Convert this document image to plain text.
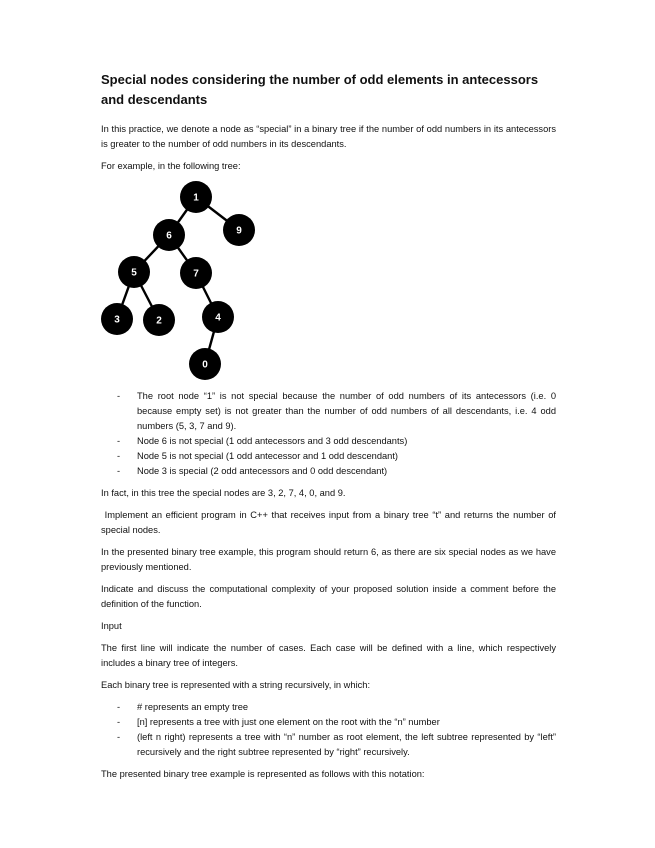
Special nodes considering the number of odd elements in antecessors and descendants

In this practice, we denote a node as “special” in a binary tree if the number of odd numbers in its antecessors is greater to the number of odd numbers in its descendants.

For example, in the following tree:

1
9
6
5	7
3	2	4
0
- The root node “1” is not special because the number of odd numbers of its antecessors (i.e. 0 because empty set) is not greater than the number of odd numbers of all descendants, i.e. 4 odd numbers (5, 3, 7 and 9).
- Node 6 is not special (1 odd antecessors and 3 odd descendants)
- Node 5 is not special (1 odd antecessor and 1 odd descendant)
- Node 3 is special (2 odd antecessors and 0 odd descendant)

In fact, in this tree the special nodes are 3, 2, 7, 4, 0, and 9.

Implement an efficient program in C++ that receives input from a binary tree “t” and returns the number of special nodes.

In the presented binary tree example, this program should return 6, as there are six special nodes as we have previously mentioned.

Indicate and discuss the computational complexity of your proposed solution inside a comment before the definition of the function.

Input

The first line will indicate the number of cases. Each case will be defined with a line, which respectively includes a binary tree of integers.

Each binary tree is represented with a string recursively, in which:

- # represents an empty tree
- [n] represents a tree with just one element on the root with the “n” number
- (left n right) represents a tree with “n” number as root element, the left subtree represented by “left” recursively and the right subtree represented by “right” recursively.

The presented binary tree example is represented as follows with this notation:
